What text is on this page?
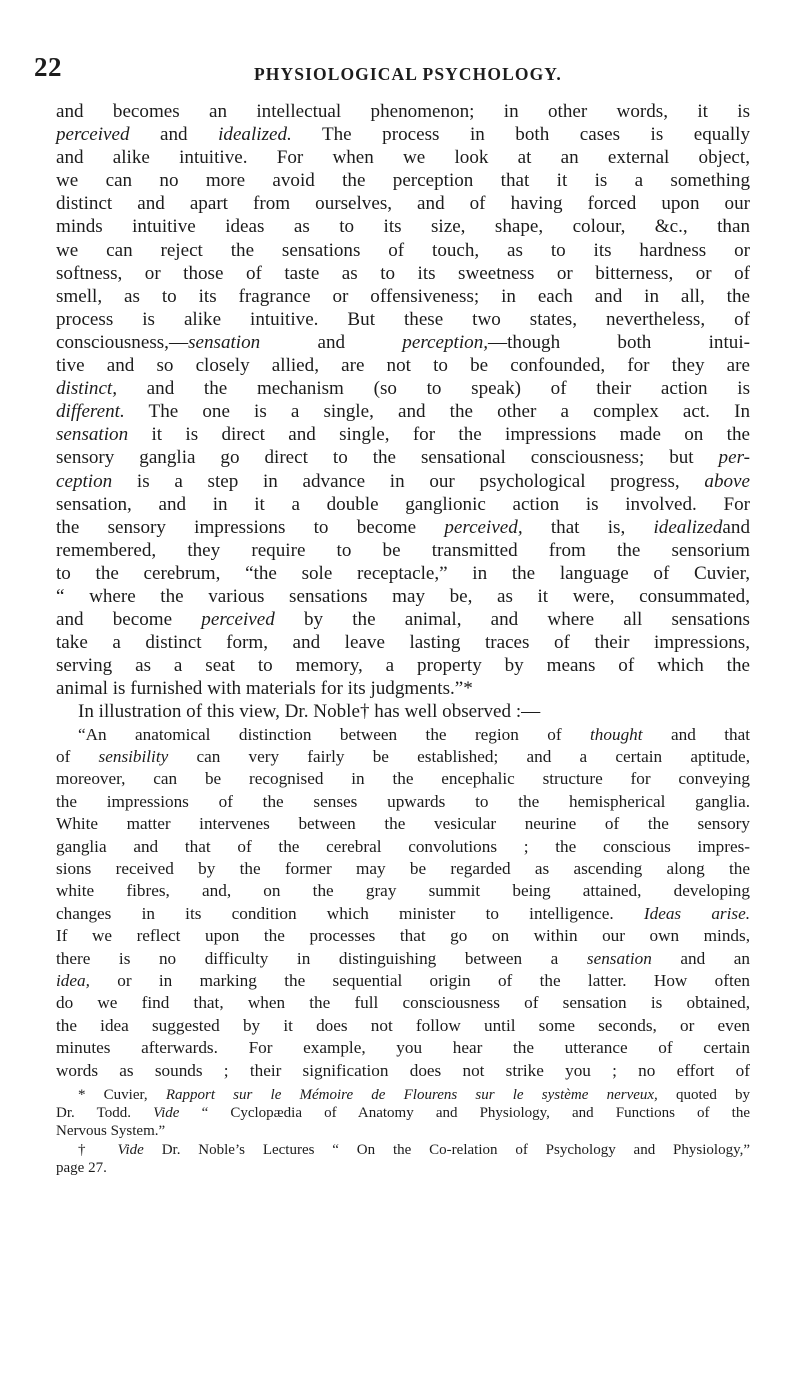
22	PHYSIOLOGICAL PSYCHOLOGY.

and becomes an intellectual phenomenon; in other words, it is

perceived and idealized. The process in both cases is equally

and alike intuitive. For when we look at an external object,

we can no more avoid the perception that it is a something

distinct and apart from ourselves, and of having forced upon our

minds intuitive ideas as to its size, shape, colour, &c., than

we can reject the sensations of touch, as to its hardness or

softness, or those of taste as to its sweetness or bitterness, or of

smell, as to its fragrance or offensiveness; in each and in all, the

process is alike intuitive. But these two states, nevertheless, of

consciousness,—sensation and perception,—though both intui-

tive and so closely allied, are not to be confounded, for they are

distinct, and the mechanism (so to speak) of their action is

different. The one is a single, and the other a complex act. In

sensation it is direct and single, for the impressions made on the

sensory ganglia go direct to the sensational consciousness; but per-

ception is a step in advance in our psychological progress, above

sensation, and in it a double ganglionic action is involved. For

the sensory impressions to become perceived, that is, idealizedand

remembered, they require to be transmitted from the sensorium

to the cerebrum, “the sole receptacle,” in the language of Cuvier,

“ where the various sensations may be, as it were, consummated,

and become perceived by the animal, and where all sensations

take a distinct form, and leave lasting traces of their impressions,

serving as a seat to memory, a property by means of which the

animal is furnished with materials for its judgments.”*

In illustration of this view, Dr. Noble† has well observed :—

“An anatomical distinction between the region of thought and that

of sensibility can very fairly be established; and a certain aptitude,

moreover, can be recognised in the encephalic structure for conveying

the impressions of the senses upwards to the hemispherical ganglia.

White matter intervenes between the vesicular neurine of the sensory

ganglia and that of the cerebral convolutions ; the conscious impres-

sions received by the former may be regarded as ascending along the

white fibres, and, on the gray summit being attained, developing

changes in its condition which minister to intelligence. Ideas arise.

If we reflect upon the processes that go on within our own minds,

there is no difficulty in distinguishing between a sensation and an

idea, or in marking the sequential origin of the latter. How often

do we find that, when the full consciousness of sensation is obtained,

the idea suggested by it does not follow until some seconds, or even

minutes afterwards. For example, you hear the utterance of certain

words as sounds ; their signification does not strike you ; no effort of

* Cuvier, Rapport sur le Mémoire de Flourens sur le système nerveux, quoted by

Dr. Todd. Vide “ Cyclopædia of Anatomy and Physiology, and Functions of the

Nervous System.”

† Vide Dr. Noble’s Lectures “ On the Co-relation of Psychology and Physiology,”

page 27.
